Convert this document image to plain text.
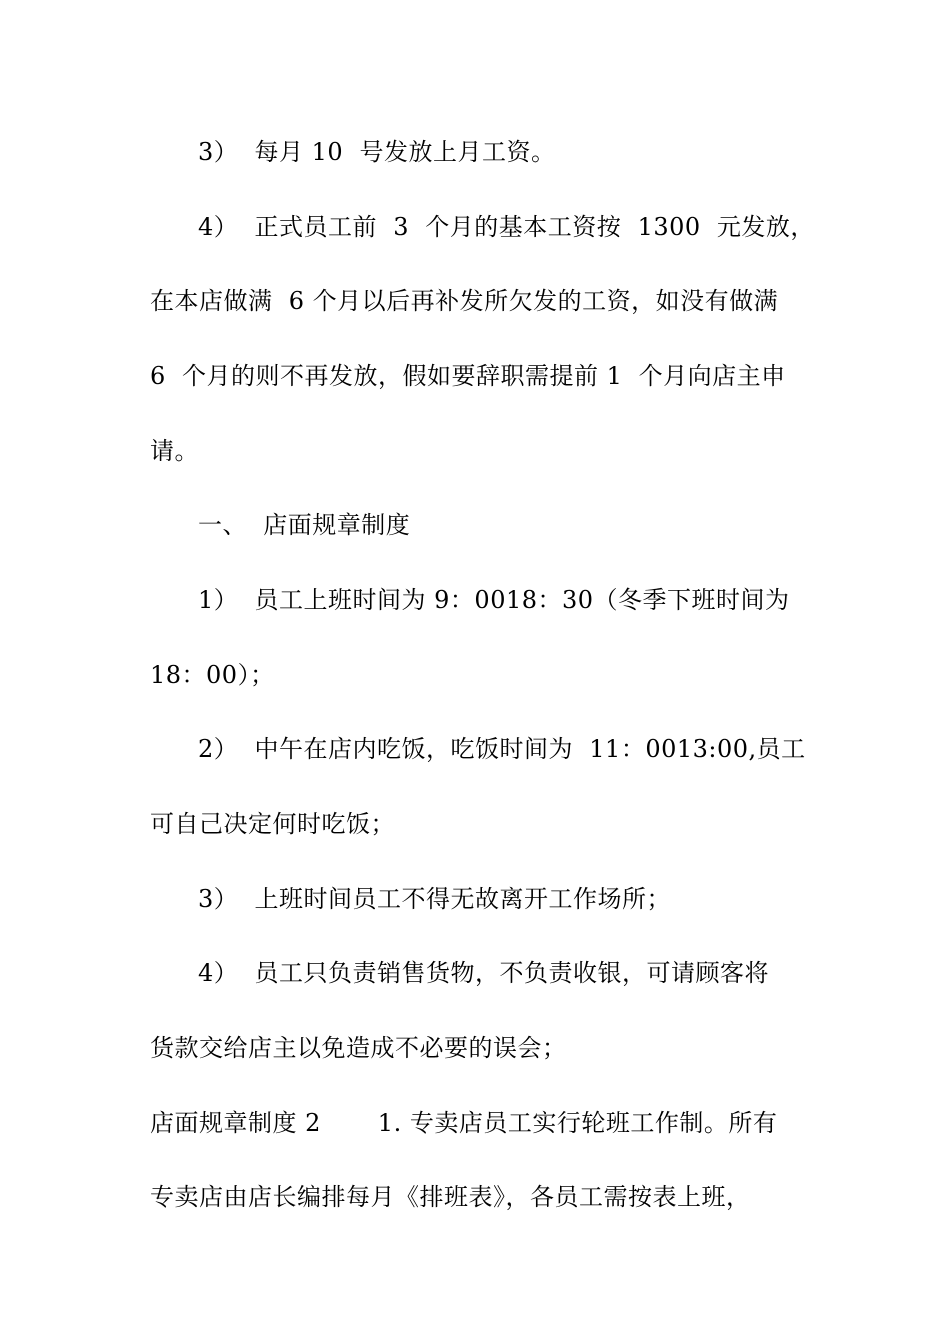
3）  每月 10  号发放上月工资。
4）  正式员工前  3  个月的基本工资按  1300  元发放，
在本店做满  6 个月以后再补发所欠发的工资，如没有做满
6  个月的则不再发放，假如要辞职需提前 1  个月向店主申
请。
一、  店面规章制度
1）  员工上班时间为 9：0018：30（冬季下班时间为
18：00）；
2）  中午在店内吃饭，吃饭时间为  11：0013:00,员工
可自己决定何时吃饭；
3）  上班时间员工不得无故离开工作场所；
4）  员工只负责销售货物，不负责收银，可请顾客将
货款交给店主以免造成不必要的误会；
店面规章制度 2       1. 专卖店员工实行轮班工作制。所有
专卖店由店长编排每月《排班表》，各员工需按表上班，
